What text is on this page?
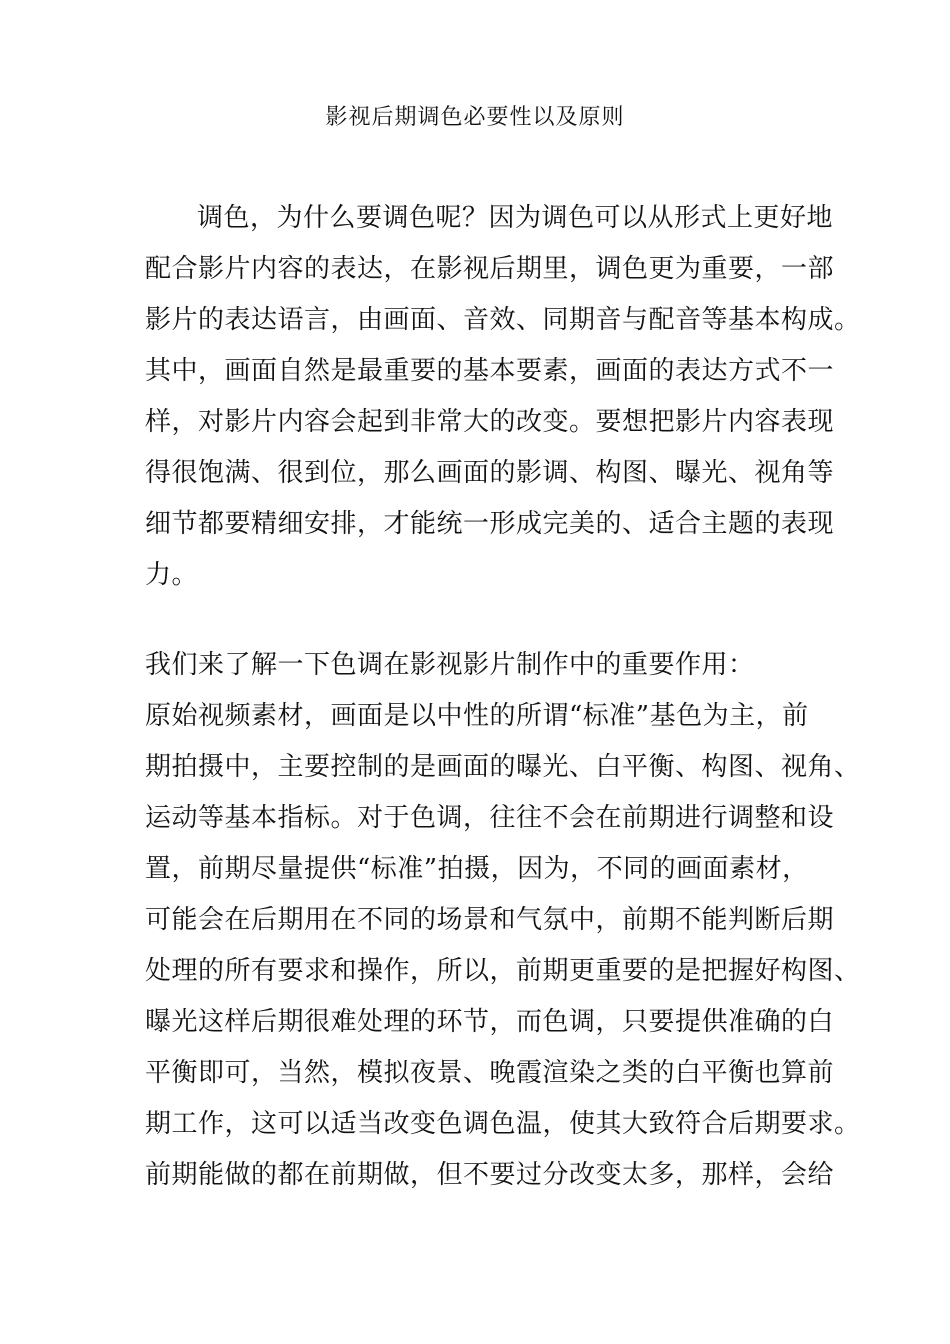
影视后期调色必要性以及原则
调色，为什么要调色呢？因为调色可以从形式上更好地
配合影片内容的表达，在影视后期里，调色更为重要，一部
影片的表达语言，由画面、音效、同期音与配音等基本构成。
其中，画面自然是最重要的基本要素，画面的表达方式不一
样，对影片内容会起到非常大的改变。要想把影片内容表现
得很饱满、很到位，那么画面的影调、构图、曝光、视角等
细节都要精细安排，才能统一形成完美的、适合主题的表现
力。
我们来了解一下色调在影视影片制作中的重要作用：
原始视频素材，画面是以中性的所谓“标准”基色为主，前
期拍摄中，主要控制的是画面的曝光、白平衡、构图、视角、
运动等基本指标。对于色调，往往不会在前期进行调整和设
置，前期尽量提供“标准”拍摄，因为，不同的画面素材，
可能会在后期用在不同的场景和气氛中，前期不能判断后期
处理的所有要求和操作，所以，前期更重要的是把握好构图、
曝光这样后期很难处理的环节，而色调，只要提供准确的白
平衡即可，当然，模拟夜景、晚霞渲染之类的白平衡也算前
期工作，这可以适当改变色调色温，使其大致符合后期要求。
前期能做的都在前期做，但不要过分改变太多，那样，会给
